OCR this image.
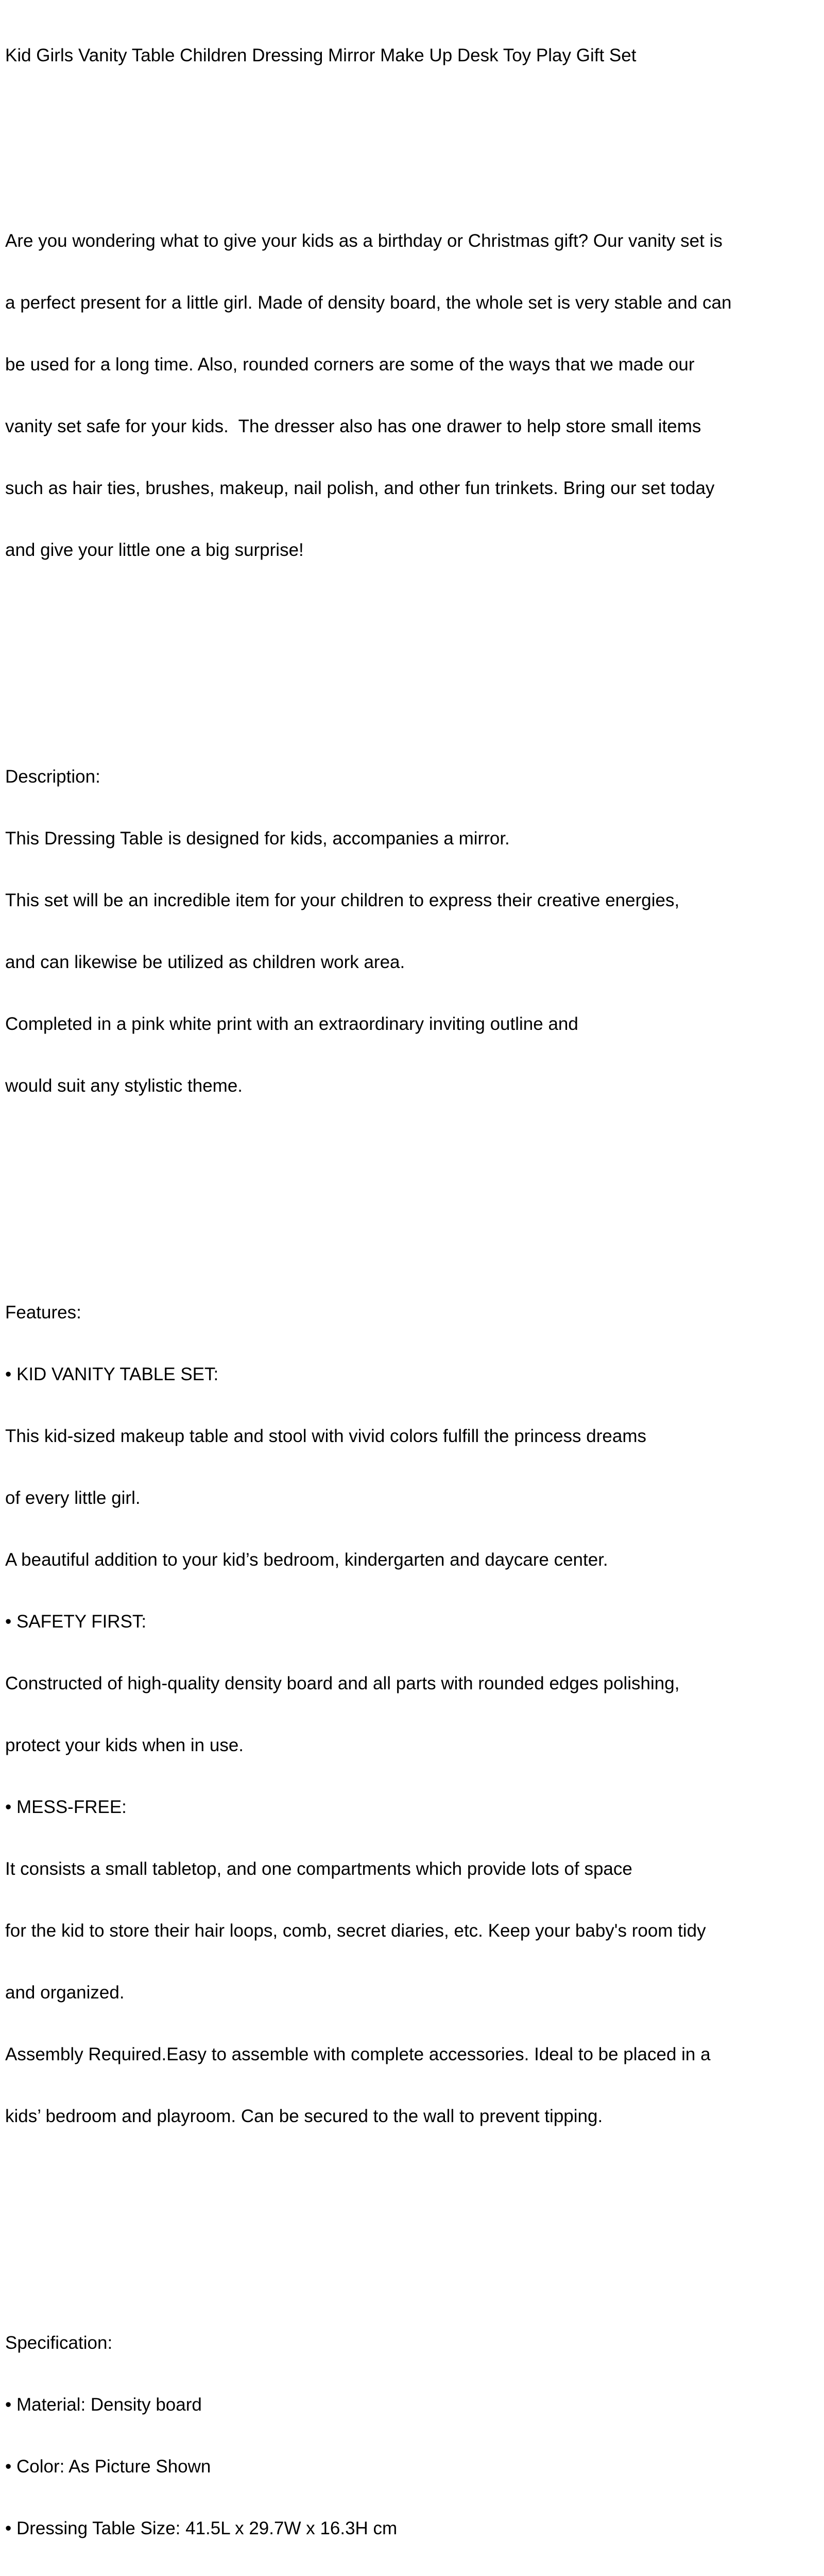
Kid Girls Vanity Table Children Dressing Mirror Make Up Desk Toy Play Gift Set

Are you wondering what to give your kids as a birthday or Christmas gift? Our vanity set is

a perfect present for a little girl. Made of density board, the whole set is very stable and can

be used for a long time. Also, rounded corners are some of the ways that we made our

vanity set safe for your kids.  The dresser also has one drawer to help store small items

such as hair ties, brushes, makeup, nail polish, and other fun trinkets. Bring our set today

and give your little one a big surprise!

Description:

This Dressing Table is designed for kids, accompanies a mirror.

This set will be an incredible item for your children to express their creative energies,

and can likewise be utilized as children work area.

Completed in a pink white print with an extraordinary inviting outline and

would suit any stylistic theme.

Features:

• KID VANITY TABLE SET:

This kid-sized makeup table and stool with vivid colors fulfill the princess dreams

of every little girl.

A beautiful addition to your kid’s bedroom, kindergarten and daycare center.

• SAFETY FIRST:

Constructed of high-quality density board and all parts with rounded edges polishing,

protect your kids when in use.

• MESS-FREE:

It consists a small tabletop, and one compartments which provide lots of space

for the kid to store their hair loops, comb, secret diaries, etc. Keep your baby's room tidy

and organized.

Assembly Required.Easy to assemble with complete accessories. Ideal to be placed in a

kids’ bedroom and playroom. Can be secured to the wall to prevent tipping.

Specification:

• Material: Density board

• Color: As Picture Shown

• Dressing Table Size: 41.5L x 29.7W x 16.3H cm
